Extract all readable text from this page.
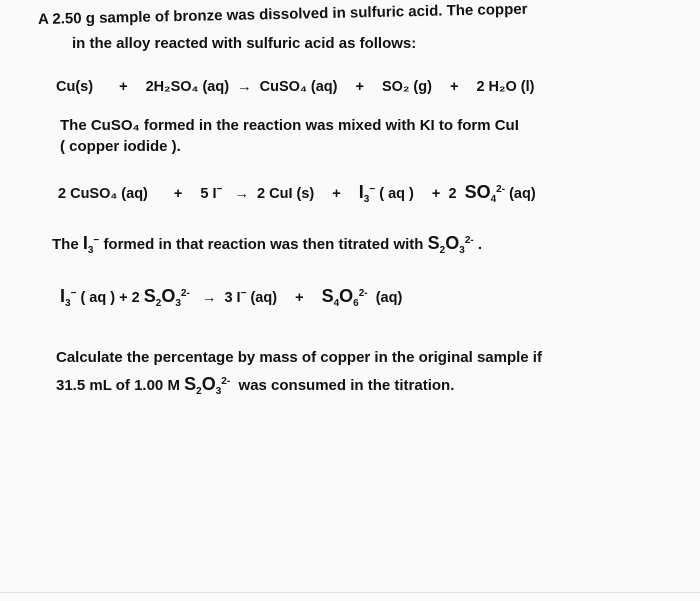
A 2.50 g sample of bronze was dissolved in sulfuric acid. The copper
in the alloy reacted with sulfuric acid as follows:
Cu(s) + 2H₂SO₄ (aq) → CuSO₄ (aq) + SO₂ (g) + 2 H₂O (l)
The CuSO₄ formed in the reaction was mixed with KI to form CuI
( copper iodide ).
2 CuSO₄ (aq) + 5 I− → 2 CuI $(s) + I_3^-$ ( aq ) + 2 $SO_4^{2-}$ (aq)
The $I_3^-$ formed in that reaction was then titrated with $S_2O_3^{2-}$ .
$I_3^-$ ( aq ) + 2 $S_2O_3^{2-} \to 3$ I− $(aq) + S_4O_6^{2-}$ (aq)
Calculate the percentage by mass of copper in the original sample if
31.5 mL of 1.00 M $S_2O_3^{2-}$ was consumed in the titration.
